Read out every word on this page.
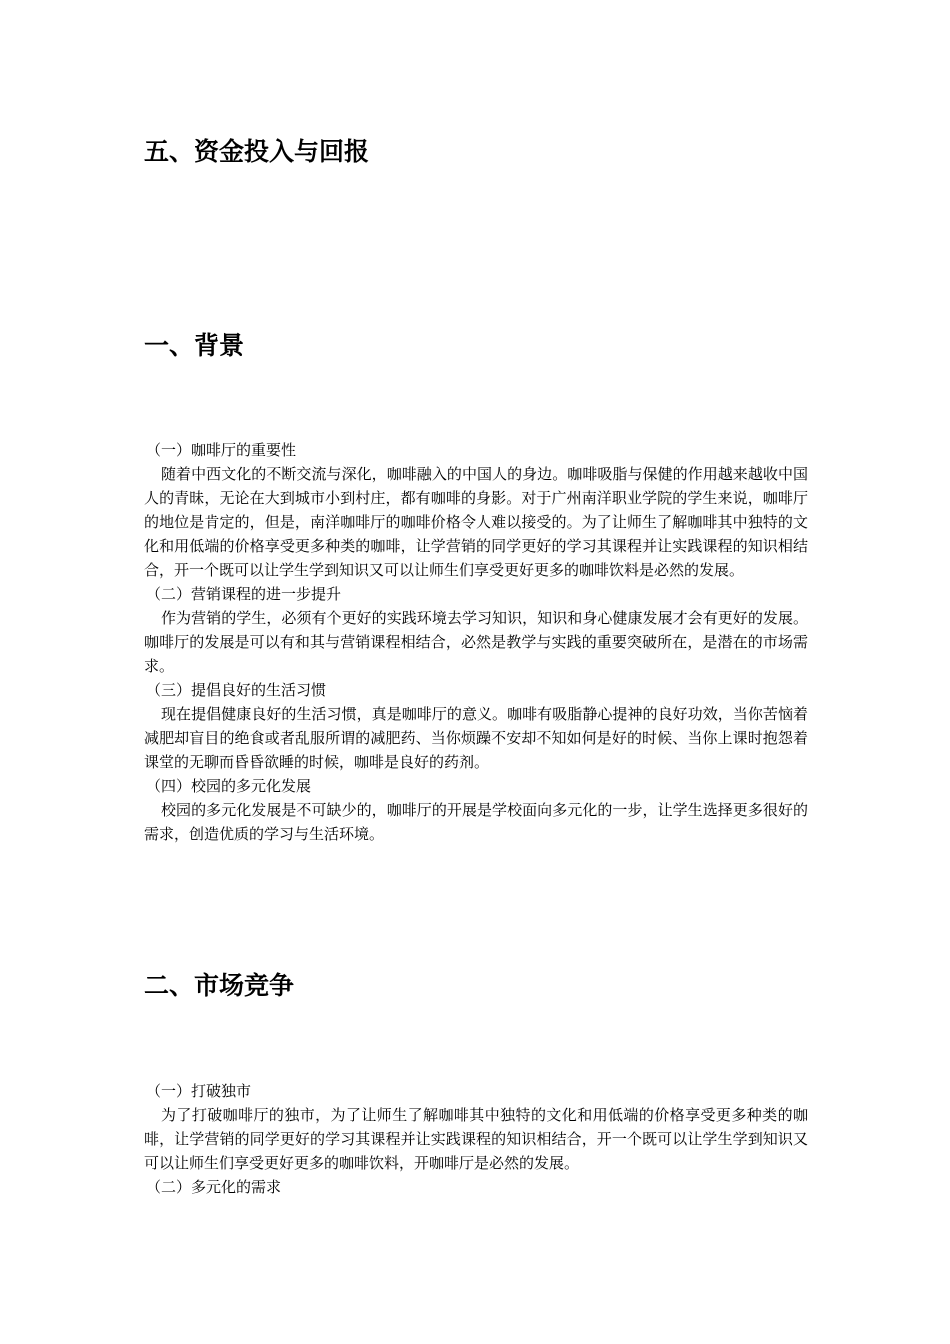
五、资金投入与回报
一、背景
（一）咖啡厅的重要性

随着中西文化的不断交流与深化，咖啡融入的中国人的身边。咖啡吸脂与保健的作用越来越收中国人的青昧，无论在大到城市小到村庄，都有咖啡的身影。对于广州南洋职业学院的学生来说，咖啡厅的地位是肯定的，但是，南洋咖啡厅的咖啡价格令人难以接受的。为了让师生了解咖啡其中独特的文化和用低端的价格享受更多种类的咖啡，让学营销的同学更好的学习其课程并让实践课程的知识相结合，开一个既可以让学生学到知识又可以让师生们享受更好更多的咖啡饮料是必然的发展。

（二）营销课程的进一步提升

作为营销的学生，必须有个更好的实践环境去学习知识，知识和身心健康发展才会有更好的发展。咖啡厅的发展是可以有和其与营销课程相结合，必然是教学与实践的重要突破所在，是潜在的市场需求。

（三）提倡良好的生活习惯

现在提倡健康良好的生活习惯，真是咖啡厅的意义。咖啡有吸脂静心提神的良好功效，当你苦恼着减肥却盲目的绝食或者乱服所谓的减肥药、当你烦躁不安却不知如何是好的时候、当你上课时抱怨着课堂的无聊而昏昏欲睡的时候，咖啡是良好的药剂。

（四）校园的多元化发展

校园的多元化发展是不可缺少的，咖啡厅的开展是学校面向多元化的一步，让学生选择更多很好的需求，创造优质的学习与生活环境。

二、市场竞争
（一）打破独市

为了打破咖啡厅的独市，为了让师生了解咖啡其中独特的文化和用低端的价格享受更多种类的咖啡，让学营销的同学更好的学习其课程并让实践课程的知识相结合，开一个既可以让学生学到知识又可以让师生们享受更好更多的咖啡饮料，开咖啡厅是必然的发展。

（二）多元化的需求
